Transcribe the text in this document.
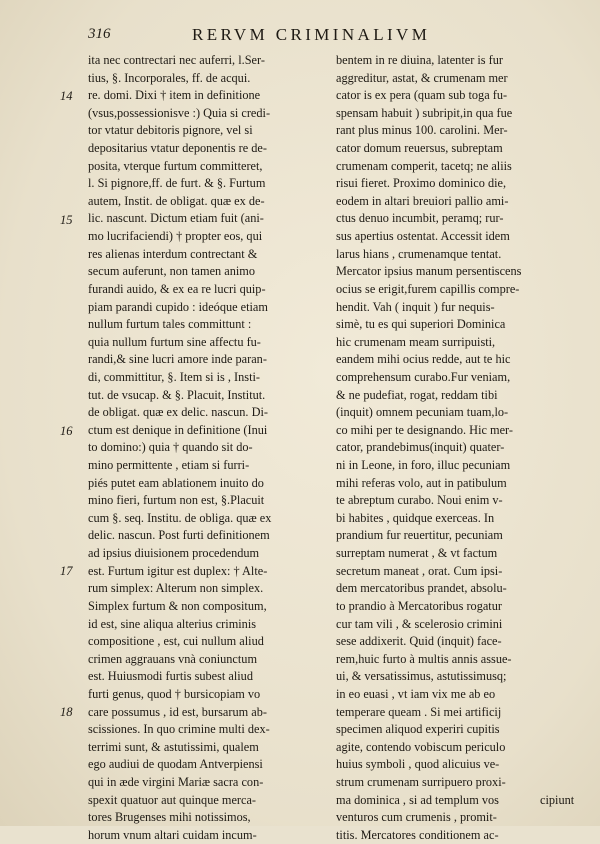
316	RERVM CRIMINALIVM
14
15
16
17
18
ita nec contrectari nec auferri, l.Ser-
tius, §. Incorporales, ff. de acqui.
re. domi. Dixi † item in definitione
(vsus,possessionisve :) Quia si credi-
tor vtatur debitoris pignore, vel si
depositarius vtatur deponentis re de-
posita, vterque furtum committeret,
l. Si pignore,ff. de furt. & §. Furtum
autem, Instit. de obligat. quæ ex de-
lic. nascunt. Dictum etiam fuit (ani-
mo lucrifaciendi) † propter eos, qui
res alienas interdum contrectant &
secum auferunt, non tamen animo
furandi auido, & ex ea re lucri quip-
piam parandi cupido : ideóque etiam
nullum furtum tales committunt :
quia nullum furtum sine affectu fu-
randi,& sine lucri amore inde paran-
di, committitur, §. Item si is , Insti-
tut. de vsucap. & §. Placuit, Institut.
de obligat. quæ ex delic. nascun. Di-
ctum est denique in definitione (Inui
to domino:) quia † quando sit do-
mino permittente , etiam si furri-
piés putet eam ablationem inuito do
mino fieri, furtum non est, §.Placuit
cum §. seq. Institu. de obliga. quæ ex
delic. nascun. Post furti definitionem
ad ipsius diuisionem procedendum
est. Furtum igitur est duplex: † Alte-
rum simplex: Alterum non simplex.
Simplex furtum & non compositum,
id est, sine aliqua alterius criminis
compositione , est, cui nullum aliud
crimen aggrauans vnà coniunctum
est. Huiusmodi furtis subest aliud
furti genus, quod † bursicopiam vo
care possumus , id est, bursarum ab-
scissiones. In quo crimine multi dex-
terrimi sunt, & astutissimi, qualem
ego audiui de quodam Antverpiensi
qui in æde virgini Mariæ sacra con-
spexit quatuor aut quinque merca-
tores Brugenses mihi notissimos,
horum vnum altari cuidam incum-
bentem in re diuina, latenter is fur
aggreditur, astat, & crumenam mer
cator is ex pera (quam sub toga fu-
spensam habuit ) subripit,in qua fue
rant plus minus 100. carolini. Mer-
cator domum reuersus, subreptam
crumenam comperit, tacetq; ne aliis
risui fieret. Proximo dominico die,
eodem in altari breuiori pallio ami-
ctus denuo incumbit, peramq; rur-
sus apertius ostentat. Accessit idem
larus hians , crumenamque tentat.
Mercator ipsius manum persentiscens
ocius se erigit,furem capillis compre-
hendit. Vah ( inquit ) fur nequis-
simè, tu es qui superiori Dominica
hic crumenam meam surripuisti,
eandem mihi ocius redde, aut te hic
comprehensum curabo.Fur veniam,
& ne pudefiat, rogat, reddam tibi
(inquit) omnem pecuniam tuam,lo-
co mihi per te designando. Hic mer-
cator, prandebimus(inquit) quater-
ni in Leone, in foro, illuc pecuniam
mihi referas volo, aut in patibulum
te abreptum curabo. Noui enim v-
bi habites , quidque exerceas. In
prandium fur reuertitur, pecuniam
surreptam numerat , & vt factum
secretum maneat , orat. Cum ipsi-
dem mercatoribus prandet, absolu-
to prandio à Mercatoribus rogatur
cur tam vili , & scelerosio crimini
sese addixerit. Quid (inquit) face-
rem,huic furto à multis annis assue-
ui, & versatissimus, astutissimusq;
in eo euasi , vt iam vix me ab eo
temperare queam . Si mei artificij
specimen aliquod experiri cupitis
agite, contendo vobiscum periculo
huius symboli , quod alicuius ve-
strum crumenam surripuero proxi-
ma dominica , si ad templum vos
venturos cum crumenis , promit-
titis. Mercatores conditionem ac-
cipiunt
